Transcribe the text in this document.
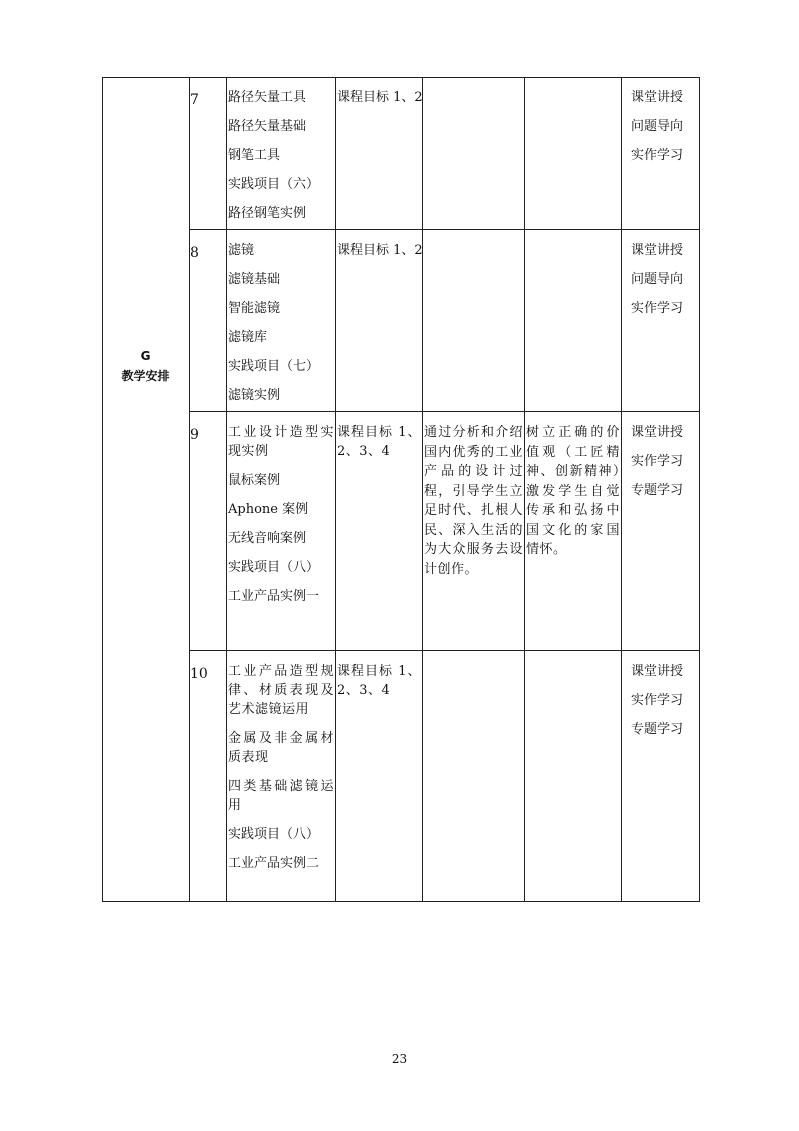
G
教学安排
7 路径矢量工具
路径矢量基础
钢笔工具
实践项目（六）
路径钢笔实例
课程目标 1、2	课堂讲授
问题导向
实作学习
8 滤镜
滤镜基础
智能滤镜
滤镜库
实践项目（七）
滤镜实例
课程目标 1、2	课堂讲授
问题导向
实作学习
9 工业设计造型实现实例
鼠标案例
Aphone 案例
无线音响案例
实践项目（八）
工业产品实例一
课程目标 1、2、3、4
通过分析和介绍国内优秀的工业产品的设计过程，引导学生立足时代、扎根人民、深入生活的为大众服务去设计创作。
树立正确的价值观（工匠精神、创新精神）激发学生自觉传承和弘扬中国文化的家国情怀。
课堂讲授
实作学习
专题学习
10 工业产品造型规律、材质表现及艺术滤镜运用
金属及非金属材质表现
四类基础滤镜运用
实践项目（八）
工业产品实例二
课程目标 1、2、3、4
课堂讲授
实作学习
专题学习
23
